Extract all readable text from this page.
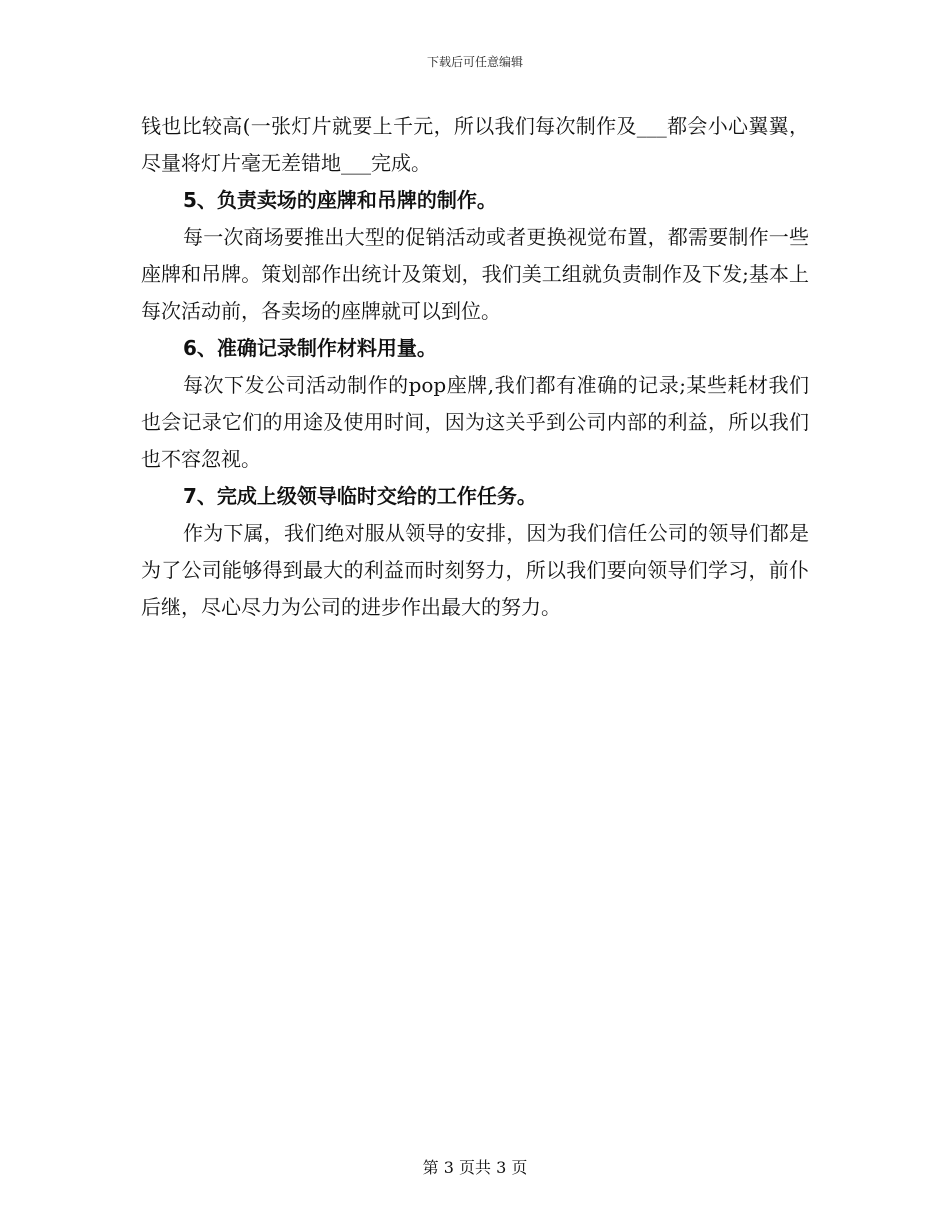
下载后可任意编辑

钱也比较高(一张灯片就要上千元，所以我们每次制作及___都会小心翼翼，尽量将灯片毫无差错地___完成。

5、负责卖场的座牌和吊牌的制作。

每一次商场要推出大型的促销活动或者更换视觉布置，都需要制作一些座牌和吊牌。策划部作出统计及策划，我们美工组就负责制作及下发;基本上每次活动前，各卖场的座牌就可以到位。

6、准确记录制作材料用量。

每次下发公司活动制作的pop座牌,我们都有准确的记录;某些耗材我们也会记录它们的用途及使用时间，因为这关乎到公司内部的利益，所以我们也不容忽视。

7、完成上级领导临时交给的工作任务。

作为下属，我们绝对服从领导的安排，因为我们信任公司的领导们都是为了公司能够得到最大的利益而时刻努力，所以我们要向领导们学习，前仆后继，尽心尽力为公司的进步作出最大的努力。

第 3 页共 3 页
